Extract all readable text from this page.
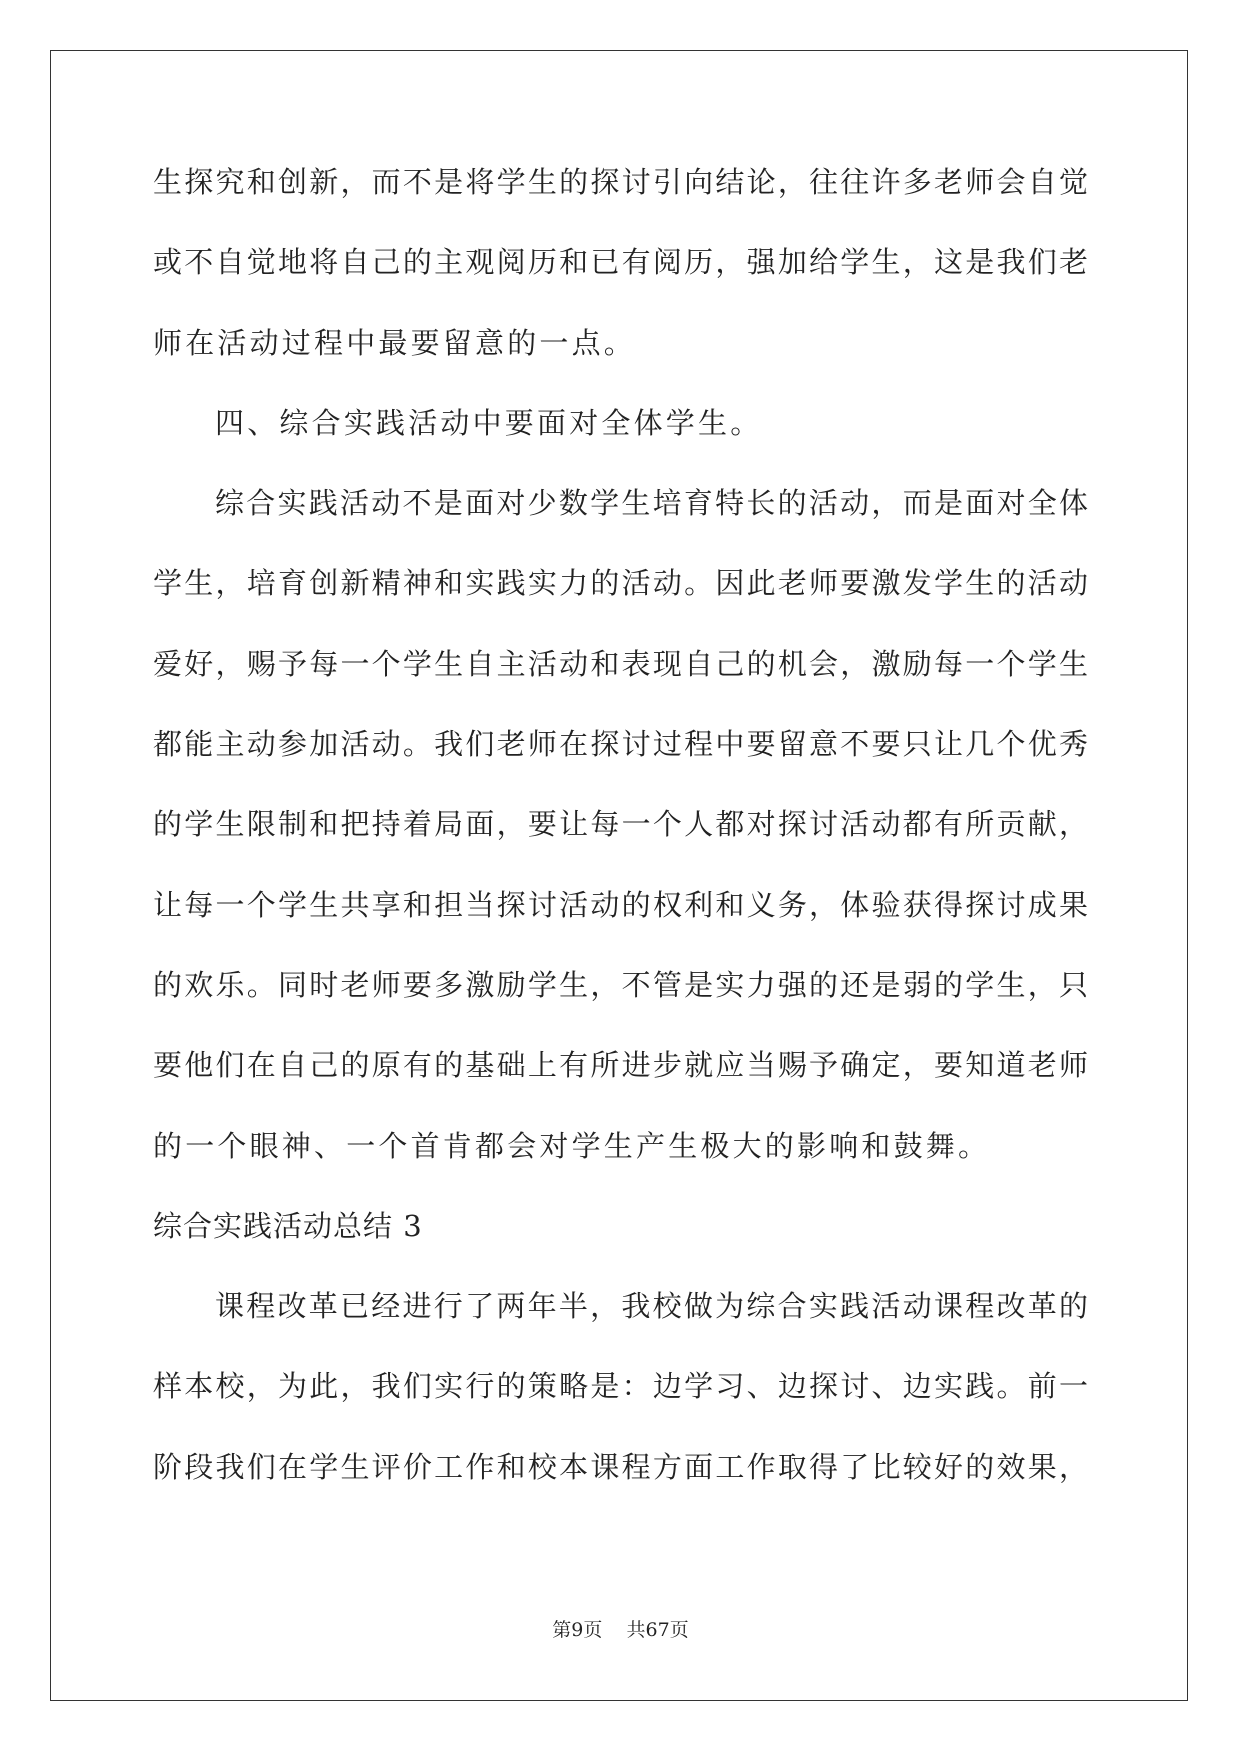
生探究和创新，而不是将学生的探讨引向结论，往往许多老师会自觉
或不自觉地将自己的主观阅历和已有阅历，强加给学生，这是我们老
师在活动过程中最要留意的一点。
四、综合实践活动中要面对全体学生。
综合实践活动不是面对少数学生培育特长的活动，而是面对全体
学生，培育创新精神和实践实力的活动。因此老师要激发学生的活动
爱好，赐予每一个学生自主活动和表现自己的机会，激励每一个学生
都能主动参加活动。我们老师在探讨过程中要留意不要只让几个优秀
的学生限制和把持着局面，要让每一个人都对探讨活动都有所贡献，
让每一个学生共享和担当探讨活动的权利和义务，体验获得探讨成果
的欢乐。同时老师要多激励学生，不管是实力强的还是弱的学生，只
要他们在自己的原有的基础上有所进步就应当赐予确定，要知道老师
的一个眼神、一个首肯都会对学生产生极大的影响和鼓舞。
综合实践活动总结 3
课程改革已经进行了两年半，我校做为综合实践活动课程改革的
样本校，为此，我们实行的策略是：边学习、边探讨、边实践。前一
阶段我们在学生评价工作和校本课程方面工作取得了比较好的效果，
第9页 共67页
